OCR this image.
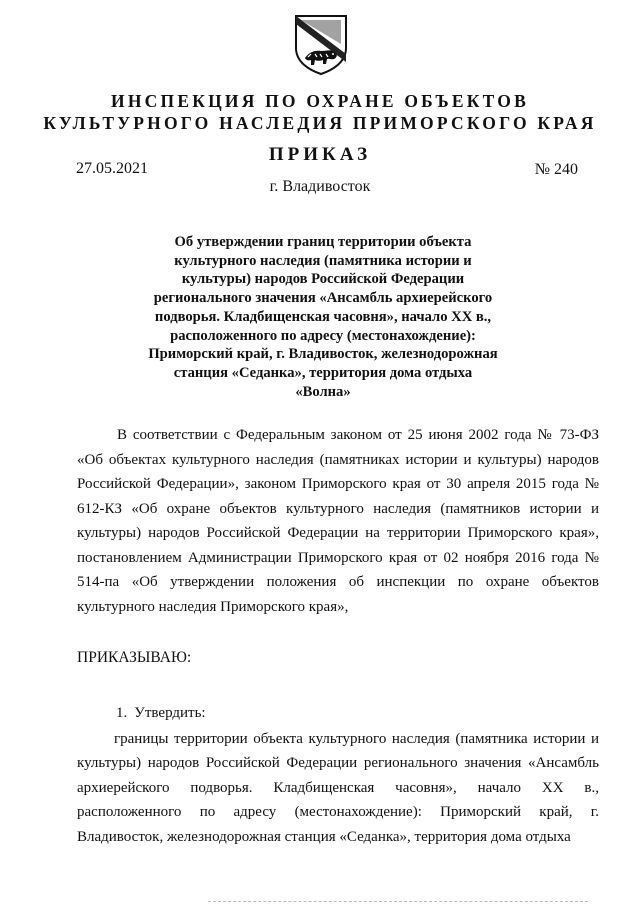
ИНСПЕКЦИЯ ПО ОХРАНЕ ОБЪЕКТОВ
КУЛЬТУРНОГО НАСЛЕДИЯ ПРИМОРСКОГО КРАЯ
ПРИКАЗ
27.05.2021	№ 240
г. Владивосток
Об утверждении границ территории объекта культурного наследия (памятника истории и культуры) народов Российской Федерации регионального значения «Ансамбль архиерейского подворья. Кладбищенская часовня», начало XX в., расположенного по адресу (местонахождение): Приморский край, г. Владивосток, железнодорожная станция «Седанка», территория дома отдыха «Волна»
В соответствии с Федеральным законом от 25 июня 2002 года № 73-ФЗ «Об объектах культурного наследия (памятниках истории и культуры) народов Российской Федерации», законом Приморского края от 30 апреля 2015 года № 612-КЗ «Об охране объектов культурного наследия (памятников истории и культуры) народов Российской Федерации на территории Приморского края», постановлением Администрации Приморского края от 02 ноября 2016 года № 514-па «Об утверждении положения об инспекции по охране объектов культурного наследия Приморского края»,
ПРИКАЗЫВАЮ:
1. Утвердить:
границы территории объекта культурного наследия (памятника истории и культуры) народов Российской Федерации регионального значения «Ансамбль архиерейского подворья. Кладбищенская часовня», начало XX в., расположенного по адресу (местонахождение): Приморский край, г. Владивосток, железнодорожная станция «Седанка», территория дома отдыха
